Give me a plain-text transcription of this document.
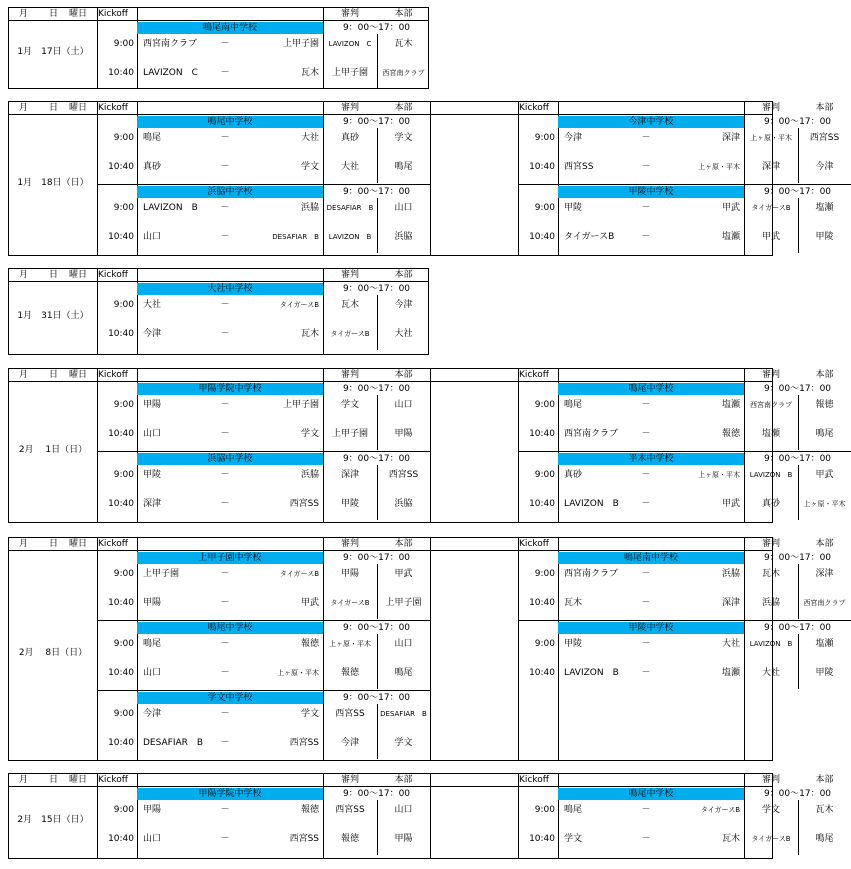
月 日 曜日 Kickoff	審判	本部
1月　17日（土）
鳴尾南中学校	9：00～17：00
9:00 西宮南クラブ	－	上甲子園	LAVIZON　C	瓦木
10:40 LAVIZON　C	－	瓦木	上甲子園	西宮南クラブ
月 日 曜日 Kickoff	審判	本部	Kickoff	審判	本部
1月　18日（日）
鳴尾中学校	9：00～17：00
9:00 鳴尾	－	大社	真砂	学文
10:40 真砂	－	学文	大社	鳴尾
今津中学校	9：00～17：00
9:00 今津	－	深津	上ヶ原・平木	西宮SS
10:40 西宮SS	－	上ヶ原・平木	深津	今津
浜脇中学校	9：00～17：00
9:00 LAVIZON　B	－	浜脇	DESAFIAR　B	山口
10:40 山口	－	DESAFIAR　B	LAVIZON　B	浜脇
甲陵中学校	9：00～17：00
9:00 甲陵	－	甲武	タイガースB	塩瀬
10:40 タイガースB	－	塩瀬	甲武	甲陵
月 日 曜日 Kickoff	審判	本部
1月　31日（土）
大社中学校	9：00～17：00
9:00 大社	－	タイガースB	瓦木	今津
10:40 今津	－	瓦木	タイガースB	大社
月 日 曜日 Kickoff	審判	本部	Kickoff	審判	本部
2月　 1日（日）
甲陽学院中学校	9：00～17：00
9:00 甲陽	－	上甲子園	学文	山口
10:40 山口	－	学文	上甲子園	甲陽
鳴尾中学校	9：00～17：00
9:00 鳴尾	－	塩瀬	西宮南クラブ	報徳
10:40 西宮南クラブ	－	報徳	塩瀬	鳴尾
浜脇中学校	9：00～17：00
9:00 甲陵	－	浜脇	深津	西宮SS
10:40 深津	－	西宮SS	甲陵	浜脇
平木中学校	9：00～17：00
9:00 真砂	－	上ヶ原・平木	LAVIZON　B	甲武
10:40 LAVIZON　B	－	甲武	真砂	上ヶ原・平木
月 日 曜日 Kickoff	審判	本部	Kickoff	審判	本部
2月　 8日（日）
上甲子園中学校	9：00～17：00
9:00 上甲子園	－	タイガースB	甲陽	甲武
10:40 甲陽	－	甲武	タイガースB	上甲子園
鳴尾南中学校	9：00～17：00
9:00 西宮南クラブ	－	浜脇	瓦木	深津
10:40 瓦木	－	深津	浜脇	西宮南クラブ
鳴尾中学校	9：00～17：00
9:00 鳴尾	－	報徳	上ヶ原・平木	山口
10:40 山口	－	上ヶ原・平木	報徳	鳴尾
甲陵中学校	9：00～17：00
9:00 甲陵	－	大社	LAVIZON　B	塩瀬
10:40 LAVIZON　B	－	塩瀬	大社	甲陵
学文中学校	9：00～17：00
9:00 今津	－	学文	西宮SS	DESAFIAR　B
10:40 DESAFIAR　B －	西宮SS	今津	学文
月 日 曜日 Kickoff	審判	本部	Kickoff	審判	本部
2月　15日（日）
甲陽学院中学校	9：00～17：00
9:00 甲陽	－	報徳	西宮SS	山口
10:40 山口	－	西宮SS	報徳	甲陽
鳴尾中学校	9：00～17：00
9:00 鳴尾	－	タイガースB	学文	瓦木
10:40 学文	－	瓦木	タイガースB	鳴尾
